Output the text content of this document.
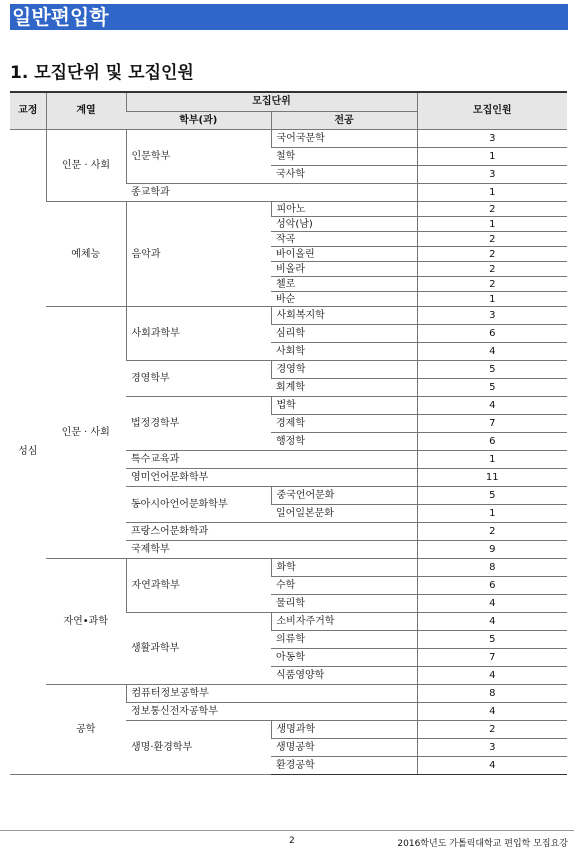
일반편입학
1. 모집단위 및 모집인원
교정	계열	모집단위		모집인원
		학부(과)	전공	
성심	인문 · 사회	인문학부	국어국문학	3
			철학	1
			국사학	3
		종교학과		1
	예체능	음악과	피아노	2
			성악(남)	1
			작곡	2
			바이올린	2
			비올라	2
			첼로	2
			바순	1
	인문 · 사회	사회과학부	사회복지학	3
			심리학	6
			사회학	4
		경영학부	경영학	5
			회계학	5
		법정경학부	법학	4
			경제학	7
			행정학	6
		특수교육과		1
		영미언어문화학부		11
		동아시아언어문화학부	중국언어문화	5
			일어일본문화	1
		프랑스어문화학과		2
		국제학부		9
	자연•과학	자연과학부	화학	8
			수학	6
			물리학	4
		생활과학부	소비자주거학	4
			의류학	5
			아동학	7
			식품영양학	4
	공학	컴퓨터정보공학부		8
		정보통신전자공학부		4
		생명·환경학부	생명과학	2
			생명공학	3
			환경공학	4
2	2016학년도 가톨릭대학교 편입학 모집요강
